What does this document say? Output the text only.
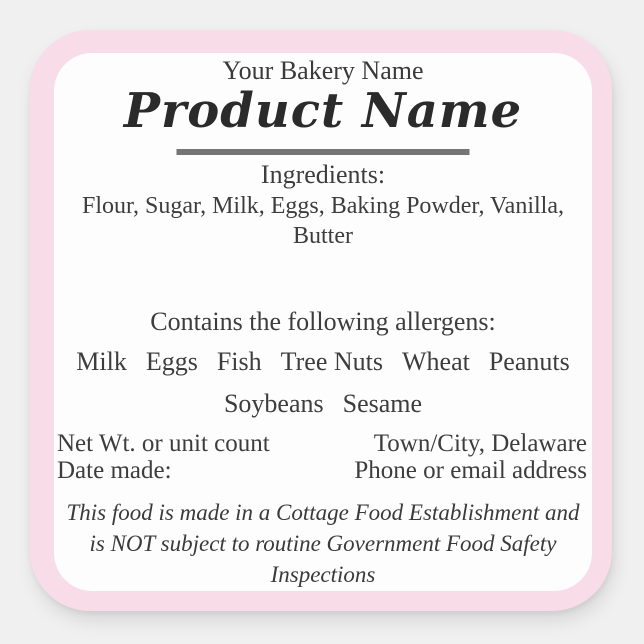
Your Bakery Name
Product Name
Ingredients:
Flour, Sugar, Milk, Eggs, Baking Powder, Vanilla, Butter
Contains the following allergens:
Milk Eggs Fish Tree Nuts Wheat Peanuts
Soybeans Sesame
Net Wt. or unit count
Date made:
Town/City, Delaware
Phone or email address
This food is made in a Cottage Food Establishment and is NOT subject to routine Government Food Safety Inspections
